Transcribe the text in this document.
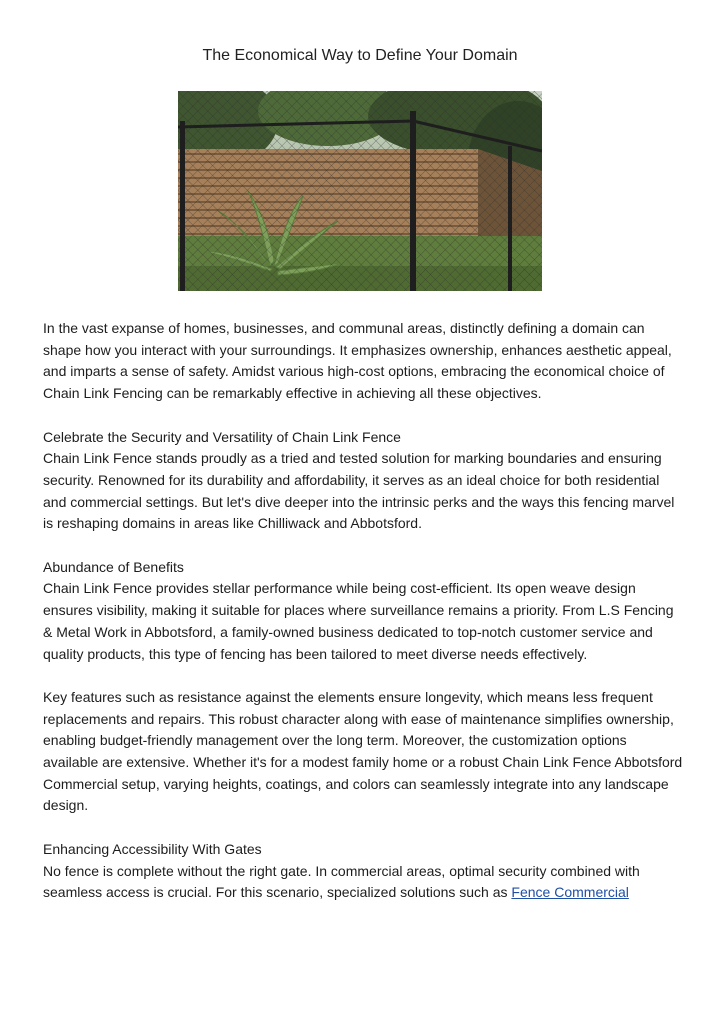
The Economical Way to Define Your Domain

In the vast expanse of homes, businesses, and communal areas, distinctly defining a domain can shape how you interact with your surroundings. It emphasizes ownership, enhances aesthetic appeal, and imparts a sense of safety. Amidst various high-cost options, embracing the economical choice of Chain Link Fencing can be remarkably effective in achieving all these objectives.

Celebrate the Security and Versatility of Chain Link Fence
Chain Link Fence stands proudly as a tried and tested solution for marking boundaries and ensuring security. Renowned for its durability and affordability, it serves as an ideal choice for both residential and commercial settings. But let's dive deeper into the intrinsic perks and the ways this fencing marvel is reshaping domains in areas like Chilliwack and Abbotsford.

Abundance of Benefits
Chain Link Fence provides stellar performance while being cost-efficient. Its open weave design ensures visibility, making it suitable for places where surveillance remains a priority. From L.S Fencing & Metal Work in Abbotsford, a family-owned business dedicated to top-notch customer service and quality products, this type of fencing has been tailored to meet diverse needs effectively.

Key features such as resistance against the elements ensure longevity, which means less frequent replacements and repairs. This robust character along with ease of maintenance simplifies ownership, enabling budget-friendly management over the long term. Moreover, the customization options available are extensive. Whether it's for a modest family home or a robust Chain Link Fence Abbotsford Commercial setup, varying heights, coatings, and colors can seamlessly integrate into any landscape design.

Enhancing Accessibility With Gates
No fence is complete without the right gate. In commercial areas, optimal security combined with seamless access is crucial. For this scenario, specialized solutions such as Fence Commercial
